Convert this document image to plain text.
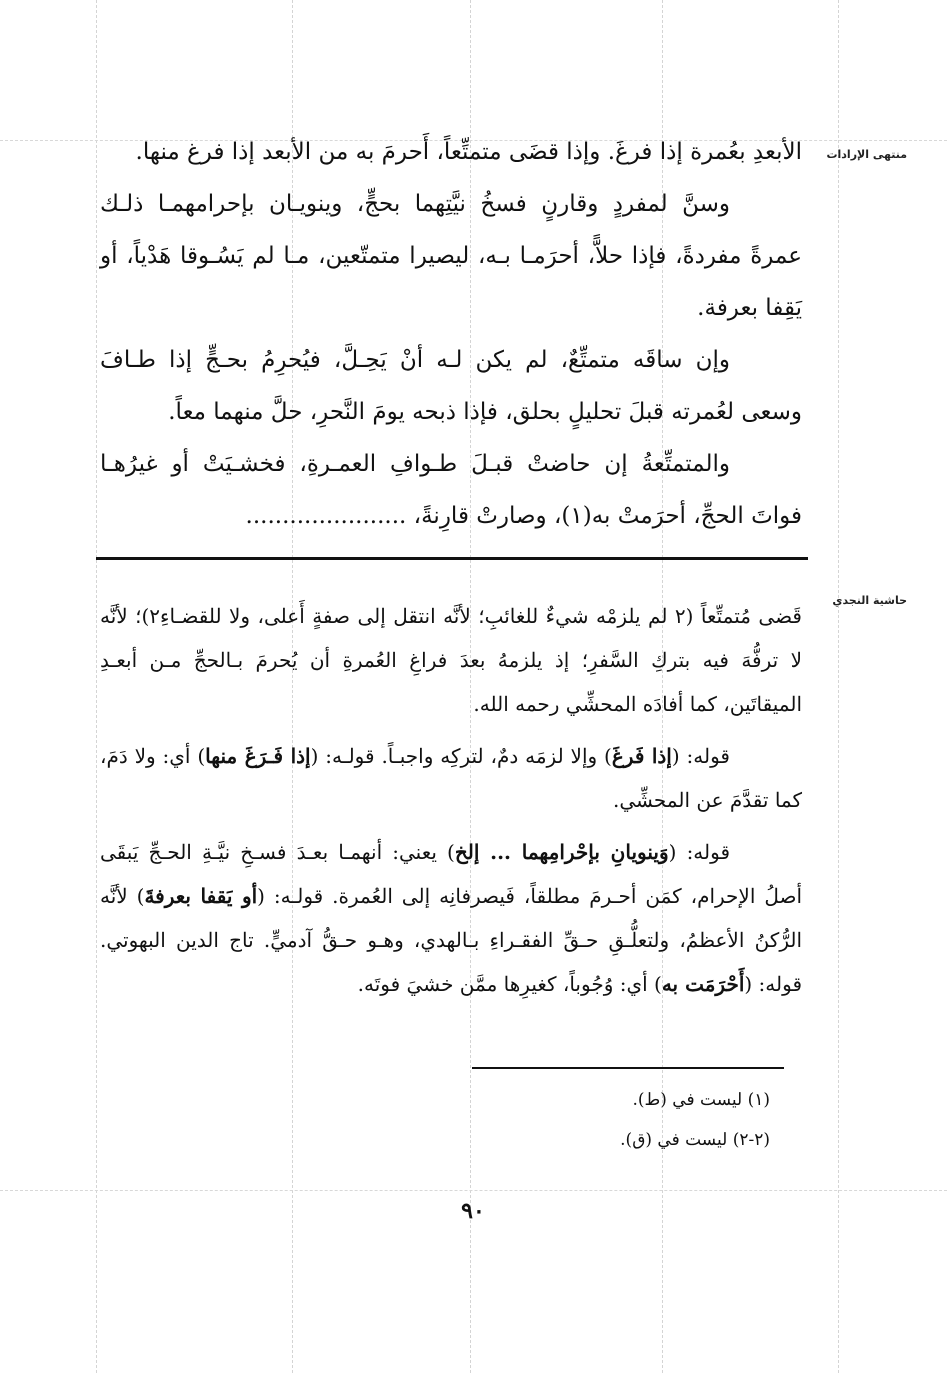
منتهى الإرادات
حاشية النجدي

الأبعدِ بعُمرة إذا فرغَ. وإذا قضَى متمتِّعاً، أَحرمَ به من الأبعد إذا فرغ منها.

وسنَّ لمفردٍ وقارنٍ فسخُ نيَّتِهما بحجٍّ، وينويـان بإحرامهمـا ذلـك عمرةً مفردةً، فإذا حلاًّ، أحرَمـا بـه، ليصيرا متمتّعين، مـا لم يَسُـوقا هَدْياً، أو يَقِفا بعرفة.

وإن ساقَه متمتِّعٌ، لم يكن لـه أنْ يَحِـلَّ، فيُحرِمُ بحـجٍّ إذا طـافَ وسعى لعُمرته قبلَ تحليلٍ بحلق، فإذا ذبحه يومَ النَّحرِ، حلَّ منهما معاً.

والمتمتِّعةُ إن حاضتْ قبـلَ طـوافِ العمـرةِ، فخشـيَتْ أو غيرُهـا فواتَ الحجِّ، أحرَمتْ به(١)، وصارتْ قارِنةً، ......................

قَضى مُتمتِّعاً (٢ لم يلزمْه شيءٌ للغائبِ؛ لأنَّه انتقل إلى صفةٍ أَعلى، ولا للقضـاءِ٢)؛ لأنَّه لا ترفُّهَ فيه بتركِ السَّفرِ؛ إذ يلزمهُ بعدَ فراغِ العُمرةِ أن يُحرمَ بـالحجِّ مـن أبعـدِ الميقاتَين، كما أفادَه المحشِّي رحمه الله.

قوله: (إذا فَرغَ) وإلا لزمَه دمٌ، لتركِه واجبـاً. قولـه: (إذا فَـرَغَ منها) أي: ولا دَمَ، كما تقدَّمَ عن المحشِّي.

قوله: (وَينويانِ بإحْرامِهما ... إلخ) يعني: أنهمـا بعـدَ فسـخِ نيَّـةِ الحـجِّ يَبقَى أصلُ الإحرام، كمَن أحـرمَ مطلقاً، فَيصرفانِه إلى العُمرة. قولـه: (أو يَقفا بعرفةَ) لأنَّه الرُّكنُ الأعظمُ، ولتعلُّـقِ حـقِّ الفقـراءِ بـالهدي، وهـو حـقُّ آدميٍّ. تاج الدين البهوتي. قوله: (أَحْرَمَت به) أي: وُجُوباً، كغيرِها ممَّن خشيَ فوتَه.

(١) ليست في (ط).

(٢-٢) ليست في (ق).

٩٠
